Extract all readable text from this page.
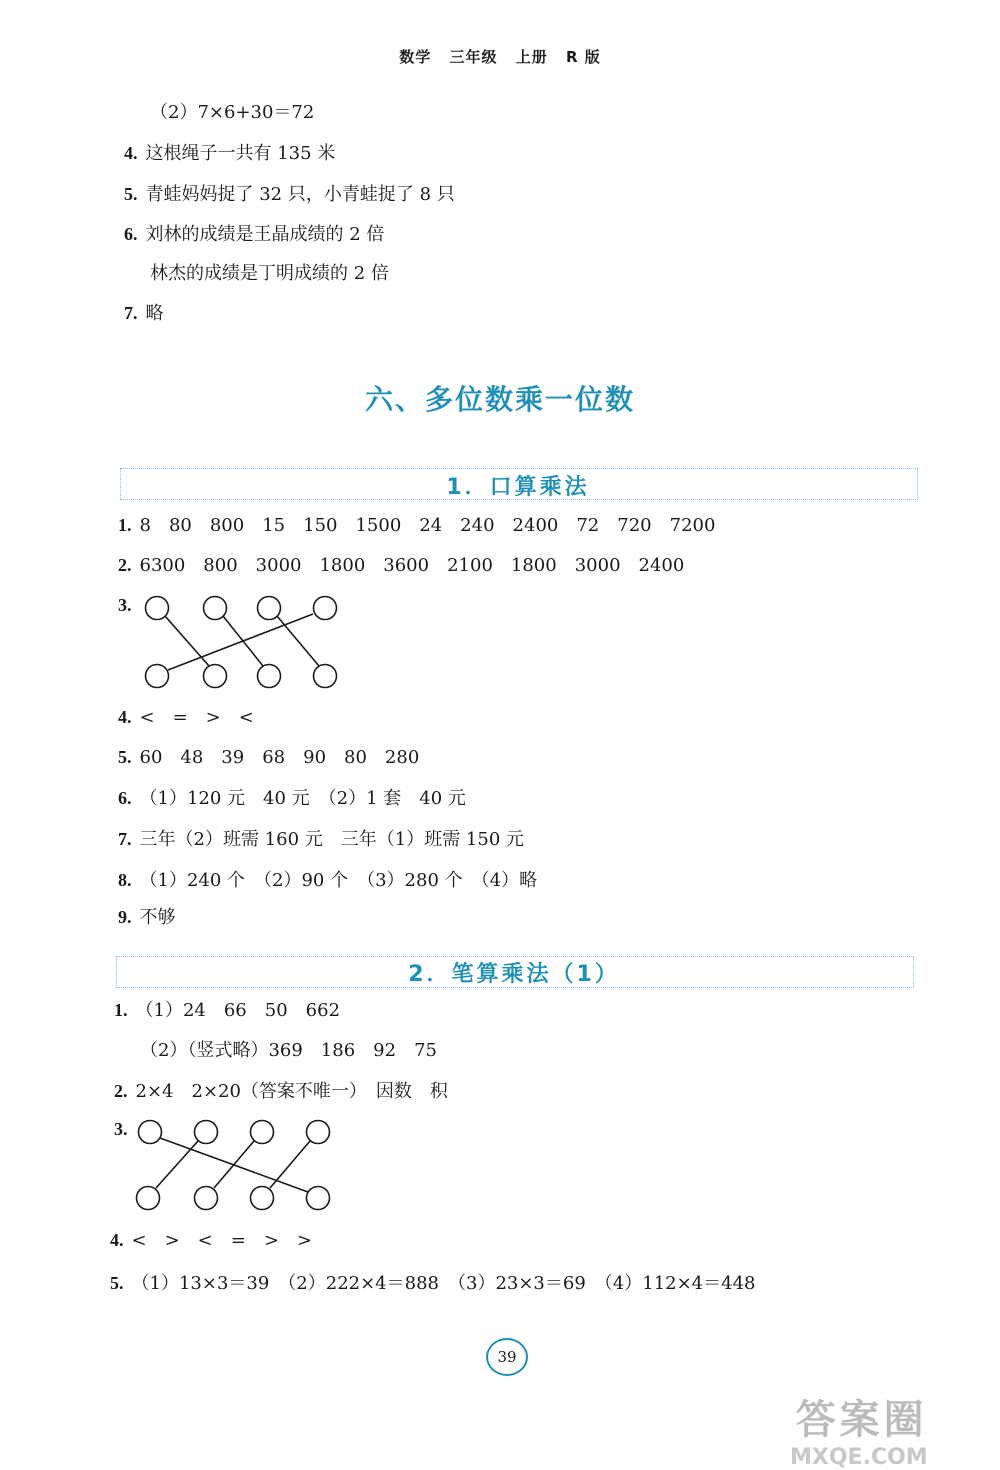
数学 三年级 上册 R 版
（2）7×6+30＝72
4. 这根绳子一共有 135 米
5. 青蛙妈妈捉了 32 只，小青蛙捉了 8 只
6. 刘林的成绩是王晶成绩的 2 倍
林杰的成绩是丁明成绩的 2 倍
7. 略
六、多位数乘一位数
1．口算乘法
1. 8　80　800　15　150　1500　24　240　2400　72　720　7200
2. 6300　800　3000　1800　3600　2100　1800　3000　2400
3.
4. <　=　>　<
5. 60　48　39　68　90　80　280
6. （1）120 元　40 元　（2）1 套　40 元
7. 三年（2）班需 160 元　三年（1）班需 150 元
8. （1）240 个　（2）90 个　（3）280 个　（4）略
9. 不够
2．笔算乘法（1）
1. （1）24　66　50　662
（2）（竖式略）369　186　92　75
2. 2×4　2×20（答案不唯一）　因数　积
3.
4. <　>　<　=　>　>
5. （1）13×3＝39　（2）222×4＝888　（3）23×3＝69　（4）112×4＝448
39
答案圈
MXQE.COM
